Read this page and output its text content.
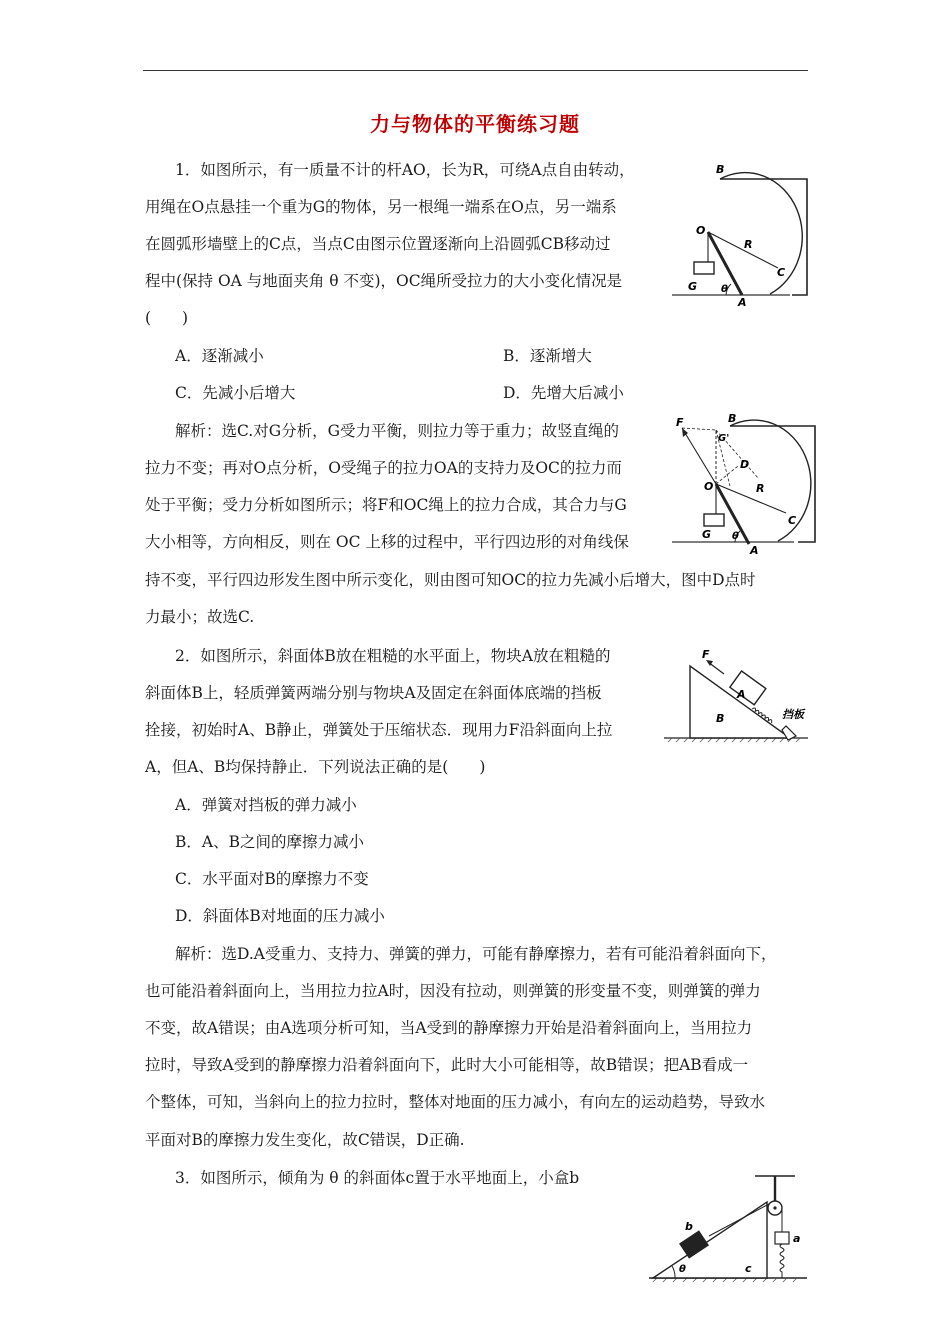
力与物体的平衡练习题
1．如图所示，有一质量不计的杆AO，长为R，可绕A点自由转动，
用绳在O点悬挂一个重为G的物体，另一根绳一端系在O点，另一端系
在圆弧形墙壁上的C点，当点C由图示位置逐渐向上沿圆弧CB移动过
程中(保持 OA 与地面夹角 θ 不变)，OC绳所受拉力的大小变化情况是
(　　)
A．逐渐减小	B．逐渐增大
C．先减小后增大	D．先增大后减小
解析：选C.对G分析，G受力平衡，则拉力等于重力；故竖直绳的
拉力不变；再对O点分析，O受绳子的拉力OA的支持力及OC的拉力而
处于平衡；受力分析如图所示；将F和OC绳上的拉力合成，其合力与G
大小相等，方向相反，则在 OC 上移的过程中，平行四边形的对角线保
持不变，平行四边形发生图中所示变化，则由图可知OC的拉力先减小后增大，图中D点时
力最小；故选C.
B
O
R
C
G θ
A
F	B
G'
D
O	R
C
G θ
A
2．如图所示，斜面体B放在粗糙的水平面上，物块A放在粗糙的
斜面体B上，轻质弹簧两端分别与物块A及固定在斜面体底端的挡板
拴接，初始时A、B静止，弹簧处于压缩状态．现用力F沿斜面向上拉
A，但A、B均保持静止．下列说法正确的是(　　)
A．弹簧对挡板的弹力减小
B．A、B之间的摩擦力减小
C．水平面对B的摩擦力不变
D．斜面体B对地面的压力减小
解析：选D.A受重力、支持力、弹簧的弹力，可能有静摩擦力，若有可能沿着斜面向下，
也可能沿着斜面向上，当用拉力拉A时，因没有拉动，则弹簧的形变量不变，则弹簧的弹力
不变，故A错误；由A选项分析可知，当A受到的静摩擦力开始是沿着斜面向上，当用拉力
拉时，导致A受到的静摩擦力沿着斜面向下，此时大小可能相等，故B错误；把AB看成一
个整体，可知，当斜向上的拉力拉时，整体对地面的压力减小，有向左的运动趋势，导致水
平面对B的摩擦力发生变化，故C错误，D正确.
F
A
B	挡板
3．如图所示，倾角为 θ 的斜面体c置于水平地面上，小盒b
b
a
θ	c
